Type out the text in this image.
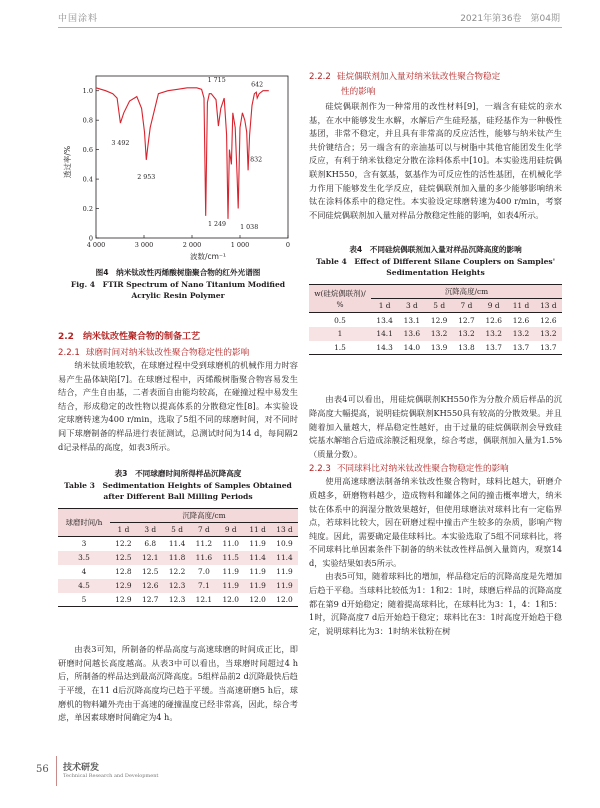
中国涂料	2021年第36卷　第04期
1.0
0.8
0.6
0.4
0.2
0
4 000	3 000	2 000	1 000	0
3 492
2 953
1 715
642
832
1 249 1 038
透过率/%
波数/cm⁻¹
图4　纳米钛改性丙烯酸树脂聚合物的红外光谱图
Fig. 4　FTIR Spectrum of Nano Titanium Modified
Acrylic Resin Polymer
2.2　纳米钛改性聚合物的制备工艺
2.2.1 球磨时间对纳米钛改性聚合物稳定性的影响

纳米钛质地较软，在球磨过程中受到球磨机的机械作用力时容易产生晶体缺陷[7]。在球磨过程中，丙烯酸树脂聚合物容易发生结合，产生自由基，二者表面自由能均较高，在碰撞过程中易发生结合，形成稳定的改性物以提高体系的分散稳定性[8]。本实验设定球磨转速为400 r/min，选取了5组不同的球磨时间，对不同时间下球磨制备的样品进行表征测试，总测试时间为14 d，每间隔2 d记录样品的高度，如表3所示。

表3　不同球磨时间所得样品沉降高度
Table 3　Sedimentation Heights of Samples Obtained
after Different Ball Milling Periods
球磨时间/h	沉降高度/cm						
	1 d	3 d	5 d	7 d	9 d	11 d	13 d
3	12.2	6.8	11.4	11.2	11.0	11.9	10.9
3.5	12.5	12.1	11.8	11.6	11.5	11.4	11.4
4	12.8	12.5	12.2	7.0	11.9	11.9	11.9
4.5	12.9	12.6	12.3	7.1	11.9	11.9	11.9
5	12.9	12.7	12.3	12.1	12.0	12.0	12.0

由表3可知，所制备的样品高度与高速球磨的时间成正比，即研磨时间越长高度越高。从表3中可以看出，当球磨时间超过4 h后，所制备的样品达到最高沉降高度。5组样品前2 d沉降最快后趋于平缓，在11 d后沉降高度均已趋于平缓。当高速研磨5 h后，球磨机的物料罐外壳由于高速的碰撞温度已经非常高，因此，综合考虑，单因素球磨时间确定为4 h。

2.2.2 硅烷偶联剂加入量对纳米钛改性聚合物稳定
性的影响

硅烷偶联剂作为一种常用的改性材料[9]，一端含有硅烷的亲水基，在水中能够发生水解，水解后产生硅羟基，硅羟基作为一种极性基团，非常不稳定，并且具有非常高的反应活性，能够与纳米钛产生共价键结合；另一端含有的亲油基可以与树脂中其他官能团发生化学反应，有利于纳米钛稳定分散在涂料体系中[10]。本实验选用硅烷偶联剂KH550，含有氨基，氨基作为可反应性的活性基团，在机械化学力作用下能够发生化学反应，硅烷偶联剂加入量的多少能够影响纳米钛在涂料体系中的稳定性。本实验设定球磨转速为400 r/min，考察不同硅烷偶联剂加入量对样品分散稳定性能的影响，如表4所示。

表4　不同硅烷偶联剂加入量对样品沉降高度的影响
Table 4　Effect of Different Silane Couplers on Samples'
Sedimentation Heights
w(硅烷偶联剂)/
%	沉降高度/cm						
	1 d	3 d	5 d	7 d	9 d	11 d	13 d
0.5	13.4	13.1	12.9	12.7	12.6	12.6	12.6
1	14.1	13.6	13.2	13.2	13.2	13.2	13.2
1.5	14.3	14.0	13.9	13.8	13.7	13.7	13.7

由表4可以看出，用硅烷偶联剂KH550作为分散介质后样品的沉降高度大幅提高，说明硅烷偶联剂KH550具有较高的分散效果。并且随着加入量越大，样品稳定性越好，由于过量的硅烷偶联剂会导致硅烷基水解缩合后造成涂膜泛粗现象，综合考虑，偶联剂加入量为1.5%（质量分数）。

2.2.3 不同球料比对纳米钛改性聚合物稳定性的影响

使用高速球磨法制备纳米钛改性聚合物时，球料比越大，研磨介质越多，研磨物料越少，造成物料和罐体之间的撞击概率增大，纳米钛在体系中的润湿分散效果越好，但使用球磨法对球料比有一定临界点，若球料比较大，因在研磨过程中撞击产生较多的杂质，影响产物纯度。因此，需要确定最佳球料比。本实验选取了5组不同球料比，将不同球料比单因素条件下制备的纳米钛改性样品倒入量筒内，观察14 d，实验结果如表5所示。

由表5可知，随着球料比的增加，样品稳定后的沉降高度是先增加后趋于平稳。当球料比较低为1：1和2：1时，球磨后样品的沉降高度都在第9 d开始稳定；随着提高球料比，在球料比为3：1，4：1和5：1时，沉降高度7 d后开始趋于稳定；球料比在3：1时高度开始趋于稳定，说明球料比为3：1时纳米钛粉在树

56 技术研发
Technical Research and Development
